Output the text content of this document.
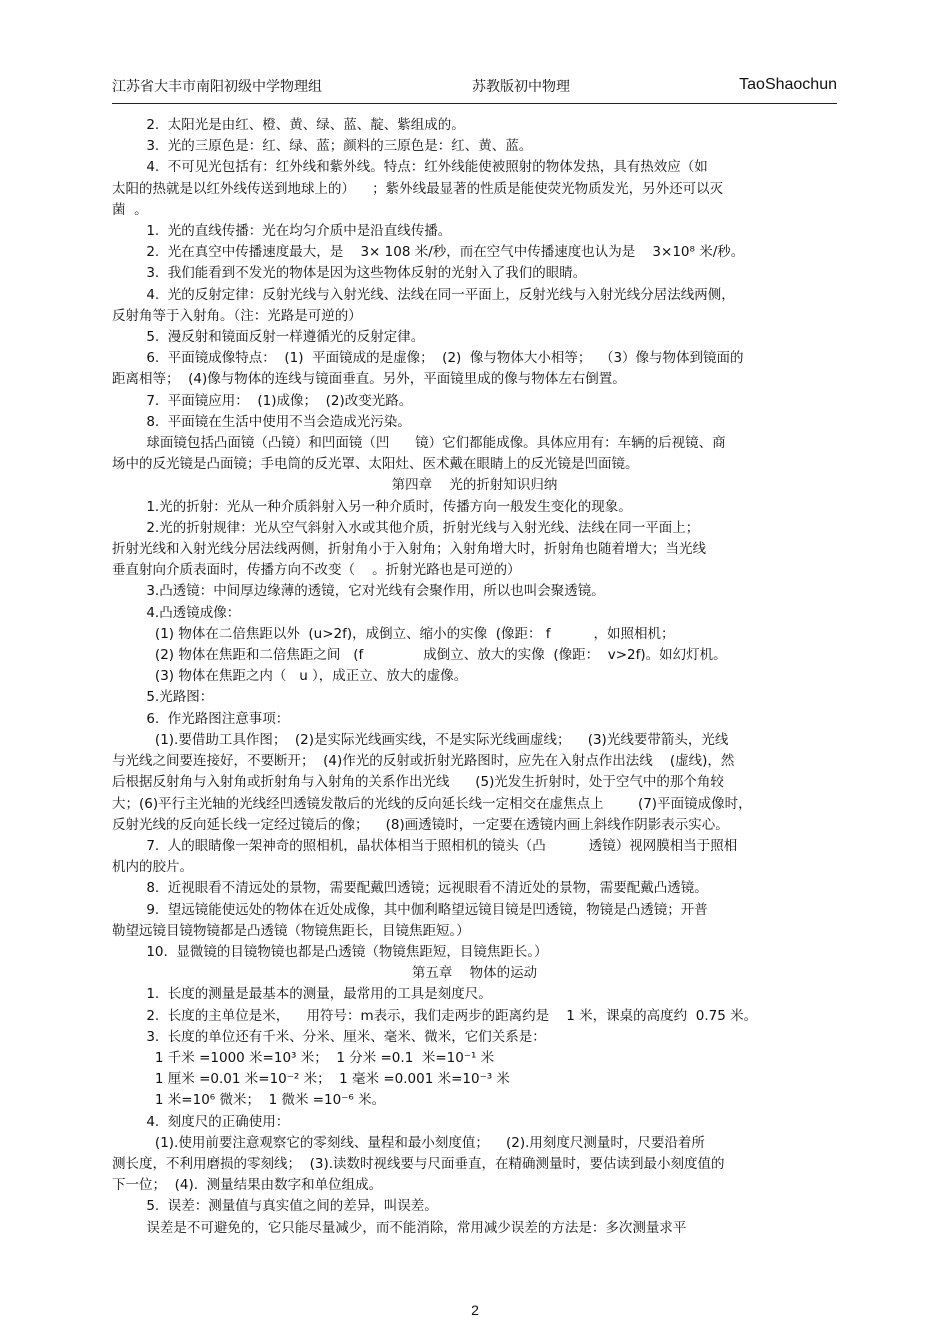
江苏省大丰市南阳初级中学物理组	苏教版初中物理	TaoShaochun

2.  太阳光是由红、橙、黄、绿、蓝、靛、紫组成的。

3.  光的三原色是：红、绿、蓝；颜料的三原色是：红、黄、蓝。

4.  不可见光包括有：红外线和紫外线。特点：红外线能使被照射的物体发热，具有热效应（如

太阳的热就是以红外线传送到地球上的）    ；紫外线最显著的性质是能使荧光物质发光，另外还可以灭

菌  。

1.  光的直线传播：光在均匀介质中是沿直线传播。

2.  光在真空中传播速度最大，是    3× 108 米/秒，而在空气中传播速度也认为是    3×10⁸ 米/秒。

3.  我们能看到不发光的物体是因为这些物体反射的光射入了我们的眼睛。

4.  光的反射定律：反射光线与入射光线、法线在同一平面上，反射光线与入射光线分居法线两侧，

反射角等于入射角。（注：光路是可逆的）

5.  漫反射和镜面反射一样遵循光的反射定律。

6.  平面镜成像特点：  (1)  平面镜成的是虚像；  (2)  像与物体大小相等；  （3）像与物体到镜面的

距离相等；  (4)像与物体的连线与镜面垂直。另外，平面镜里成的像与物体左右倒置。

7.  平面镜应用：  (1)成像；  (2)改变光路。

8.  平面镜在生活中使用不当会造成光污染。

球面镜包括凸面镜（凸镜）和凹面镜（凹      镜）它们都能成像。具体应用有：车辆的后视镜、商

场中的反光镜是凸面镜；手电筒的反光罩、太阳灶、医术戴在眼睛上的反光镜是凹面镜。

第四章    光的折射知识归纳

1.光的折射：光从一种介质斜射入另一种介质时，传播方向一般发生变化的现象。

2.光的折射规律：光从空气斜射入水或其他介质，折射光线与入射光线、法线在同一平面上；

折射光线和入射光线分居法线两侧，折射角小于入射角；入射角增大时，折射角也随着增大；当光线

垂直射向介质表面时，传播方向不改变（    。折射光路也是可逆的）

3.凸透镜：中间厚边缘薄的透镜，它对光线有会聚作用，所以也叫会聚透镜。

4.凸透镜成像：

(1) 物体在二倍焦距以外  (u>2f)，成倒立、缩小的实像  (像距： f          ，如照相机；

(2) 物体在焦距和二倍焦距之间   (f              成倒立、放大的实像  (像距：  v>2f)。如幻灯机。

(3) 物体在焦距之内（   u ），成正立、放大的虚像。

5.光路图：

6.  作光路图注意事项：

(1).要借助工具作图；  (2)是实际光线画实线，不是实际光线画虚线；    (3)光线要带箭头，光线

与光线之间要连接好，不要断开；  (4)作光的反射或折射光路图时，应先在入射点作出法线    (虚线)，然

后根据反射角与入射角或折射角与入射角的关系作出光线      (5)光发生折射时，处于空气中的那个角较

大；(6)平行主光轴的光线经凹透镜发散后的光线的反向延长线一定相交在虚焦点上        (7)平面镜成像时，

反射光线的反向延长线一定经过镜后的像；    (8)画透镜时，一定要在透镜内画上斜线作阴影表示实心。

7.  人的眼睛像一架神奇的照相机，晶状体相当于照相机的镜头（凸          透镜）视网膜相当于照相

机内的胶片。

8.  近视眼看不清远处的景物，需要配戴凹透镜；远视眼看不清近处的景物，需要配戴凸透镜。

9.  望远镜能使远处的物体在近处成像，其中伽利略望远镜目镜是凹透镜，物镜是凸透镜；开普

勒望远镜目镜物镜都是凸透镜（物镜焦距长，目镜焦距短。）

10.  显微镜的目镜物镜也都是凸透镜（物镜焦距短，目镜焦距长。）

第五章    物体的运动

1.  长度的测量是最基本的测量，最常用的工具是刻度尺。

2.  长度的主单位是米，    用符号：m表示，我们走两步的距离约是    1 米，课桌的高度约  0.75 米。

3.  长度的单位还有千米、分米、厘米、毫米、微米，它们关系是：

1 千米 =1000 米=10³ 米；  1 分米 =0.1  米=10⁻¹ 米

1 厘米 =0.01 米=10⁻² 米；  1 毫米 =0.001 米=10⁻³ 米

1 米=10⁶ 微米；  1 微米 =10⁻⁶ 米。

4.  刻度尺的正确使用：

(1).使用前要注意观察它的零刻线、量程和最小刻度值；    (2).用刻度尺测量时，尺要沿着所

测长度，不利用磨损的零刻线；  (3).读数时视线要与尺面垂直，在精确测量时，要估读到最小刻度值的

下一位；  (4).  测量结果由数字和单位组成。

5.  误差：测量值与真实值之间的差异，叫误差。

误差是不可避免的，它只能尽量减少，而不能消除，常用减少误差的方法是：多次测量求平

2
